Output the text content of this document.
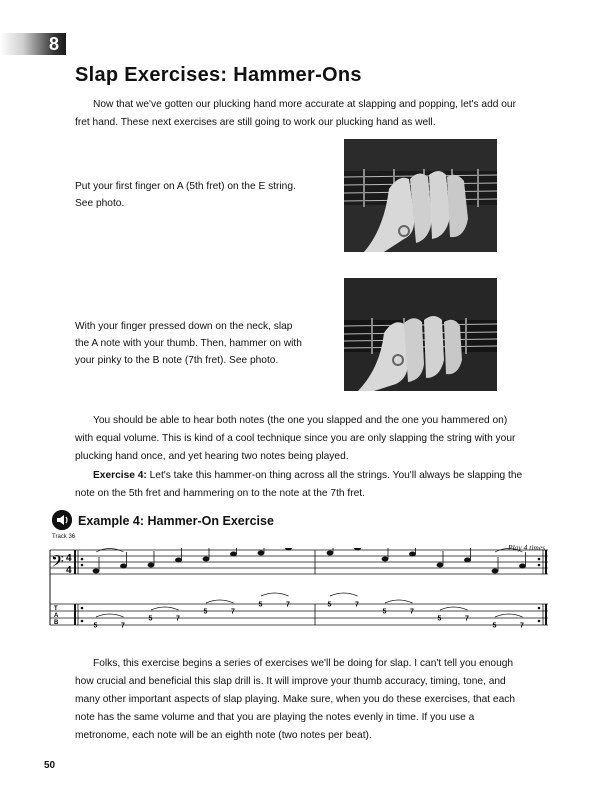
8
Slap Exercises: Hammer-Ons

Now that we've gotten our plucking hand more accurate at slapping and popping, let's add our fret hand. These next exercises are still going to work our plucking hand as well.

Put your first finger on A (5th fret) on the E string. See photo.

With your finger pressed down on the neck, slap the A note with your thumb. Then, hammer on with your pinky to the B note (7th fret). See photo.

You should be able to hear both notes (the one you slapped and the one you hammered on) with equal volume. This is kind of a cool technique since you are only slapping the string with your plucking hand once, and yet hearing two notes being played.

Exercise 4: Let's take this hammer-on thing across all the strings. You'll always be slapping the note on the 5th fret and hammering on to the note at the 7th fret.

Example 4: Hammer-On Exercise
Track 36
Play 4 times
𝄢 4
4
T
A
B	5	7
5	7
5	7
5	7	5	7
5	7
5	7
5	7

Folks, this exercise begins a series of exercises we'll be doing for slap. I can't tell you enough how crucial and beneficial this slap drill is. It will improve your thumb accuracy, timing, tone, and many other important aspects of slap playing. Make sure, when you do these exercises, that each note has the same volume and that you are playing the notes evenly in time. If you use a metronome, each note will be an eighth note (two notes per beat).

50
